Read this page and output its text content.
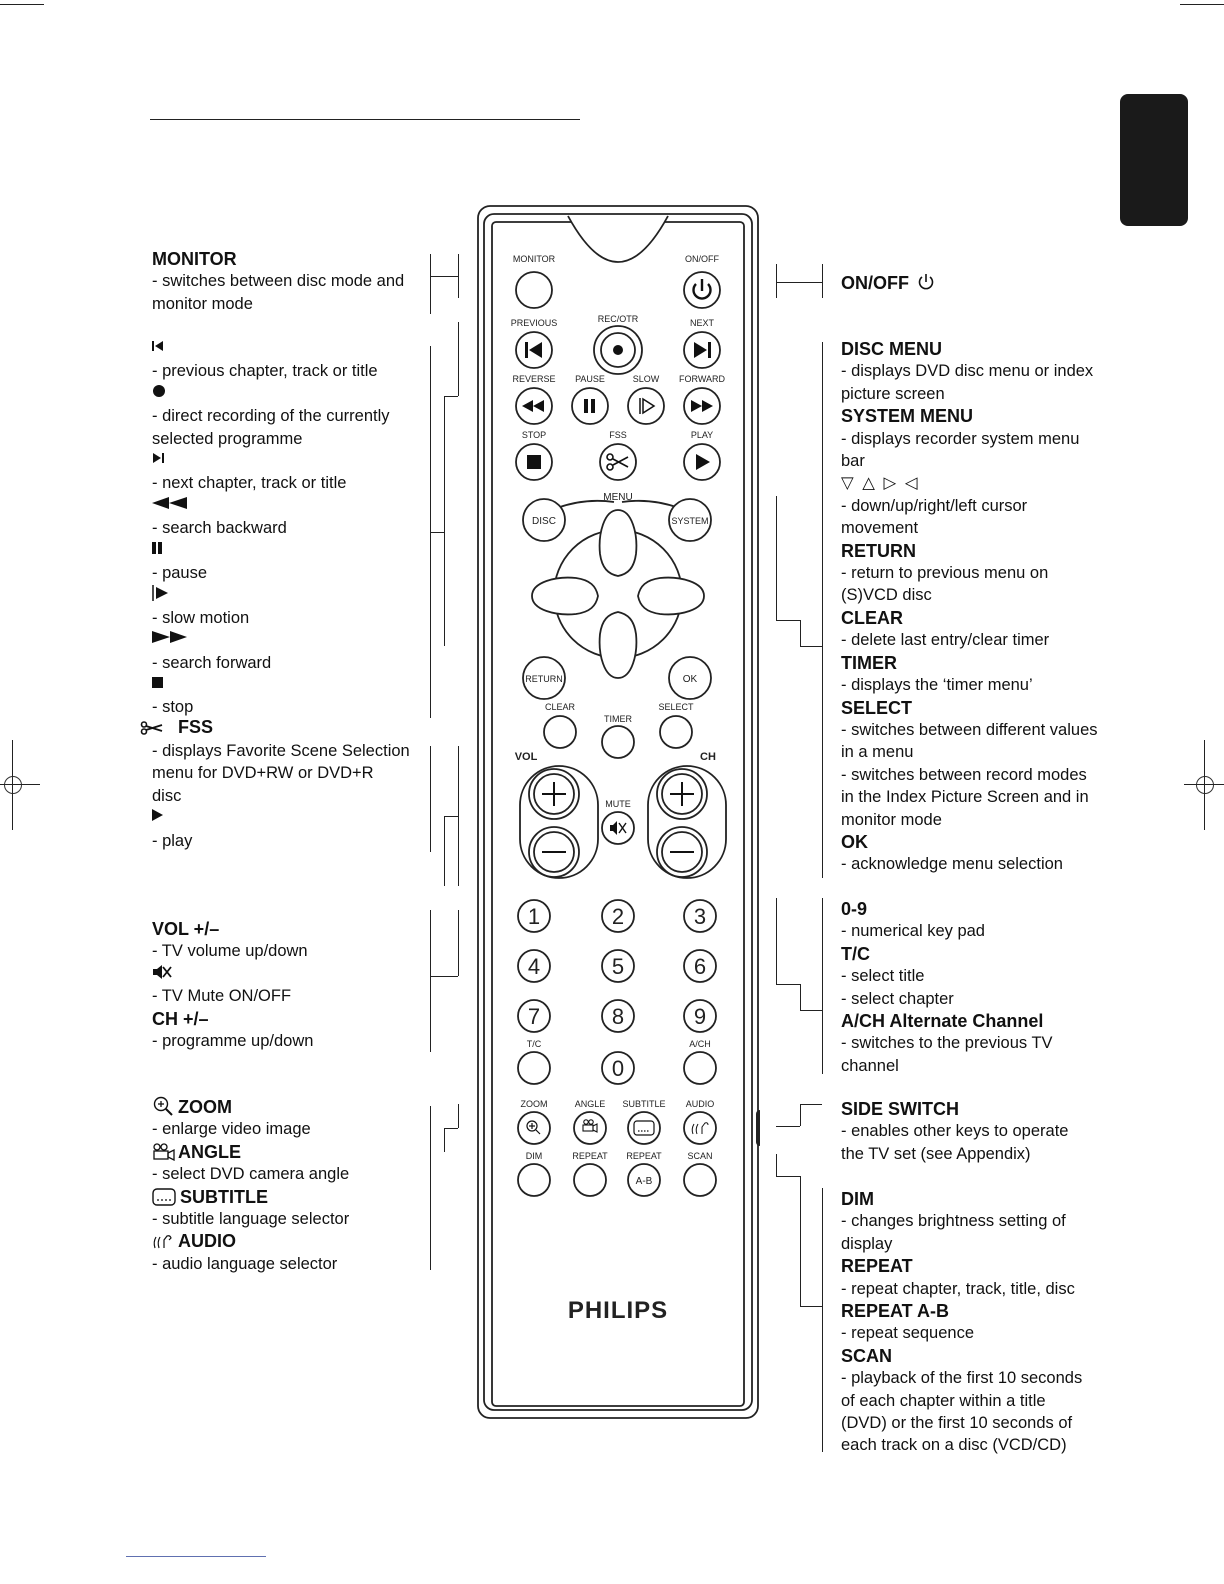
MONITOR
- switches between disc mode and monitor mode
- previous chapter, track or title
- direct recording of the currently
selected programme
- next chapter, track or title
- search backward
- pause
- slow motion
- search forward
- stop
FSS
- displays Favorite Scene Selection
menu for DVD+RW or DVD+R
disc
- play
VOL +/–
- TV volume up/down
- TV Mute ON/OFF
CH +/–
- programme up/down
ZOOM
- enlarge video image
ANGLE
- select DVD camera angle
SUBTITLE
- subtitle language selector
AUDIO
- audio language selector
ON/OFF
DISC MENU
- displays DVD disc menu or index
picture screen
SYSTEM MENU
- displays recorder system menu
bar
▽ △ ▷ ◁
- down/up/right/left cursor
movement
RETURN
- return to previous menu on
(S)VCD disc
CLEAR
- delete last entry/clear timer
TIMER
- displays the ‘timer menu’
SELECT
- switches between different values
in a menu
- switches between record modes
in the Index Picture Screen and in
monitor mode
OK
- acknowledge menu selection
0-9
- numerical key pad
T/C
- select title
- select chapter
A/CH Alternate Channel
- switches to the previous TV
channel
SIDE SWITCH
- enables other keys to operate
the TV set (see Appendix)
DIM
- changes brightness setting of
display
REPEAT
- repeat chapter, track, title, disc
REPEAT A-B
- repeat sequence
SCAN
- playback of the first 10 seconds
of each chapter within a title
(DVD) or the first 10 seconds of
each track on a disc (VCD/CD)
MONITOR	ON/OFF
PREVIOUS	REC/OTR	NEXT
REVERSE PAUSE	SLOW FORWARD
STOP	FSS	PLAY
MENU
CLEAR
TIMER
SELECT
VOL	CH
MUTE
T/C	A/CH
ZOOM	ANGLE SUBTITLE AUDIO
DIM	REPEAT REPEAT	SCAN
DISC	SYSTEM
RETURN	OK
A-B
1	2	3
4	5	6
7	8	9
0
PHILIPS
